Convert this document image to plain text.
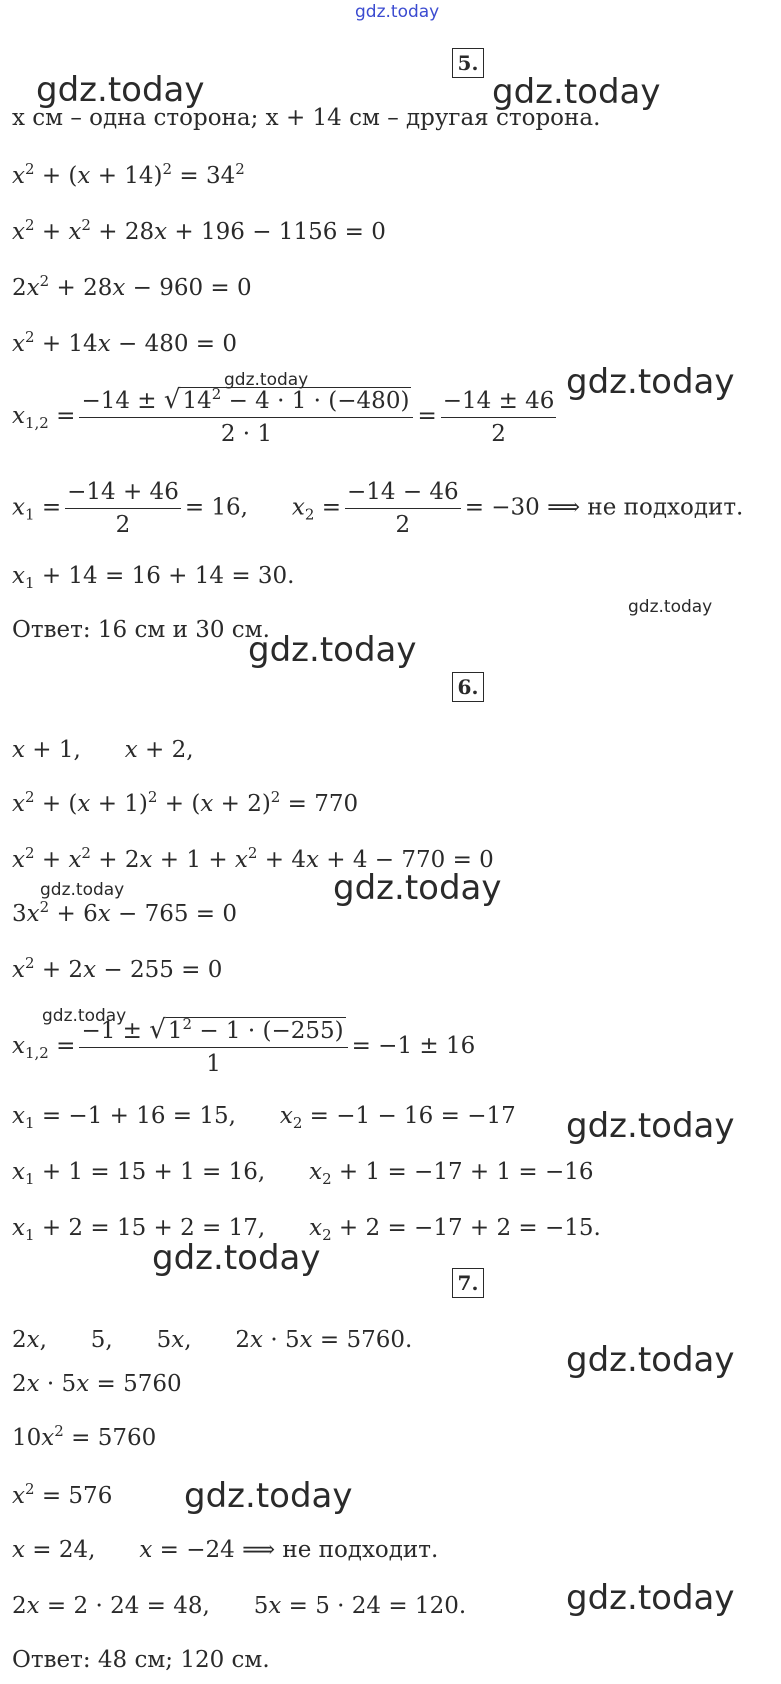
gdz.today
gdz.today	gdz.today
gdz.today	gdz.today
gdz.today
gdz.today
gdz.today
gdz.today
gdz.today
gdz.today
gdz.today
gdz.today
gdz.today
gdz.today
5.
x см – одна сторона; x + 14 см – другая сторона.
$x^2 + (x + 14)^2 = 34^2$
$x^2 + x^2 + 28x + 196 - 1156 = 0$
$2x^2 + 28x - 960 = 0$
$x^2 + 14x - 480 = 0$
$x_{1,2} = \frac{-14 \pm √14^2 - 4 \cdot 1 \cdot (-480)}{2 \cdot 1} = \frac{-14 \pm 46}{2}$
$x_1 = \frac{-14 + 46}{2} = 16$,      $x_2 = \frac{-14 - 46}{2} = -30$ ⟹ не подходит.
$x_1 + 14 = 16 + 14 = 30$.
Ответ: 16 см и 30 см.
6.
x + 1,      x + 2,
$x^2 + (x + 1)^2 + (x + 2)^2 = 770$
$x^2 + x^2 + 2x + 1 + x^2 + 4x + 4 - 770 = 0$
$3x^2 + 6x - 765 = 0$
$x^2 + 2x - 255 = 0$
$x_{1,2} = \frac{-1 \pm √1^2 - 1 \cdot (-255)}{1} = -1 \pm 16$
$x_1 = -1 + 16 = 15$,      $x_2 = -1 - 16 = -17$
$x_1 + 1 = 15 + 1 = 16$,      $x_2 + 1 = -17 + 1 = -16$
$x_1 + 2 = 15 + 2 = 17$,      $x_2 + 2 = -17 + 2 = -15$.
7.
2x,      5,      5x,      2x · 5x = 5760.
2x · 5x = 5760
$10x^2 = 5760$
$x^2 = 576$
x = 24,      x = −24 ⟹ не подходит.
2x = 2 · 24 = 48,      5x = 5 · 24 = 120.
Ответ: 48 см; 120 см.
